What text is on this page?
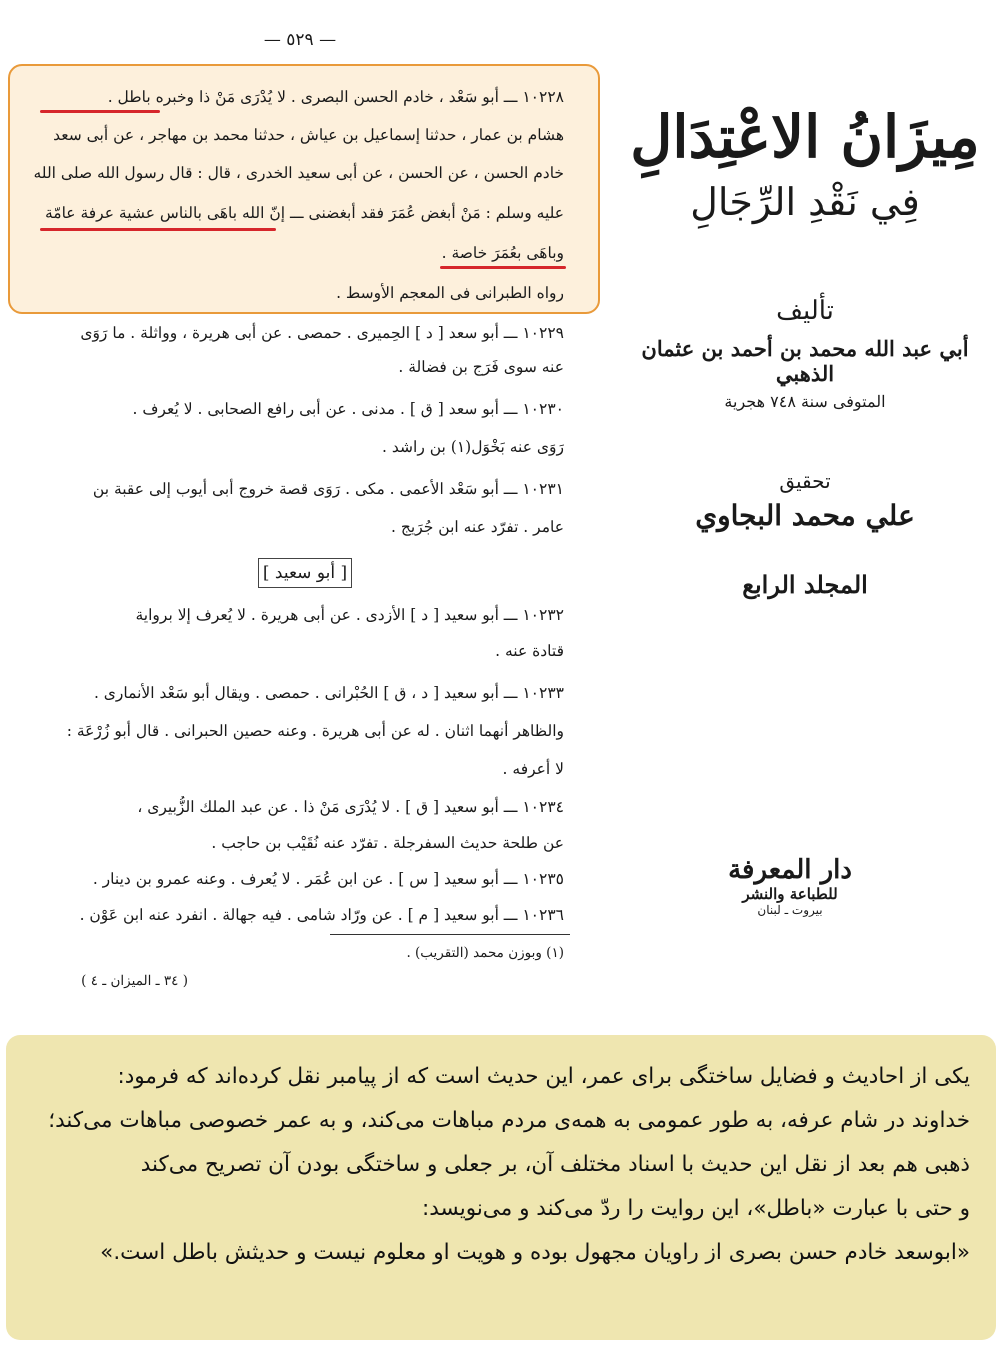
— ٥٢٩ —
١٠٢٢٨ ـــ أبو سَعْد ، خادم الحسن البصرى . لا يُدْرَى مَنْ ذا وخبره باطل .
هشام بن عمار ، حدثنا إسماعيل بن عياش ، حدثنا محمد بن مهاجر ، عن أبى سعد
خادم الحسن ، عن الحسن ، عن أبى سعيد الخدرى ، قال : قال رسول الله صلى الله
عليه وسلم : مَنْ أبغض عُمَرَ فقد أبغضنى ـــ إنّ الله باهَى بالناس عشية عرفة عامّة
وباهَى بعُمَرَ خاصة .
رواه الطبرانى فى المعجم الأوسط .
١٠٢٢٩ ـــ أبو سعد [ د ] الحِميرى . حمصى . عن أبى هريرة ، وواثلة . ما رَوَى
عنه سوى فَرَج بن فضالة .
١٠٢٣٠ ـــ أبو سعد [ ق ] . مدنى . عن أبى رافع الصحابى . لا يُعرف .
رَوَى عنه بَخْوَل(١) بن راشد .
١٠٢٣١ ـــ أبو سَعْد الأعمى . مكى . رَوَى قصة خروج أبى أيوب إلى عقبة بن
عامر . تفرّد عنه ابن جُرَيج .
[ أبو سعيد ]
١٠٢٣٢ ـــ أبو سعيد [ د ] الأزدى . عن أبى هريرة . لا يُعرف إلا برواية
قتادة عنه .
١٠٢٣٣ ـــ أبو سعيد [ د ، ق ] الحُبْرانى . حمصى . ويقال أبو سَعْد الأنمارى .
والظاهر أنهما اثنان . له عن أبى هريرة . وعنه حصين الحبرانى . قال أبو زُرْعَة :
لا أعرفه .
١٠٢٣٤ ـــ أبو سعيد [ ق ] . لا يُدْرَى مَنْ ذا . عن عبد الملك الزُّبيرى ،
عن طلحة حديث السفرجلة . تفرّد عنه نُقَيْب بن حاجب .
١٠٢٣٥ ـــ أبو سعيد [ س ] . عن ابن عُمَر . لا يُعرف . وعنه عمرو بن دينار .
١٠٢٣٦ ـــ أبو سعيد [ م ] . عن ورّاد شامى . فيه جهالة . انفرد عنه ابن عَوْن .
(١) وبوزن محمد (التقريب) .
( ٣٤ ـ الميزان ـ ٤ )
مِيزَانُ الاعْتِدَالِ
فِي نَقْدِ الرِّجَالِ
تأليف
أبي عبد الله محمد بن أحمد بن عثمان الذهبي
المتوفى سنة ٧٤٨ هجرية
تحقيق
علي محمد البجاوي
المجلد الرابع
دار المعرفة
للطباعة والنشر
بيروت ـ لبنان

یکی از احادیث و فضایل ساختگی برای عمر، این حدیث است که از پیامبر نقل کرده‌اند که فرمود:

خداوند در شام عرفه، به طور عمومی به همه‌ی مردم مباهات می‌کند، و به عمر خصوصی مباهات می‌کند؛

ذهبی هم بعد از نقل این حدیث با اسناد مختلف آن، بر جعلی و ساختگی بودن آن تصریح می‌کند

و حتی با عبارت «باطل»، این روایت را ردّ می‌کند و می‌نویسد:

«ابوسعد خادم حسن بصری از راویان مجهول بوده و هویت او معلوم نیست و حدیثش باطل است.»
